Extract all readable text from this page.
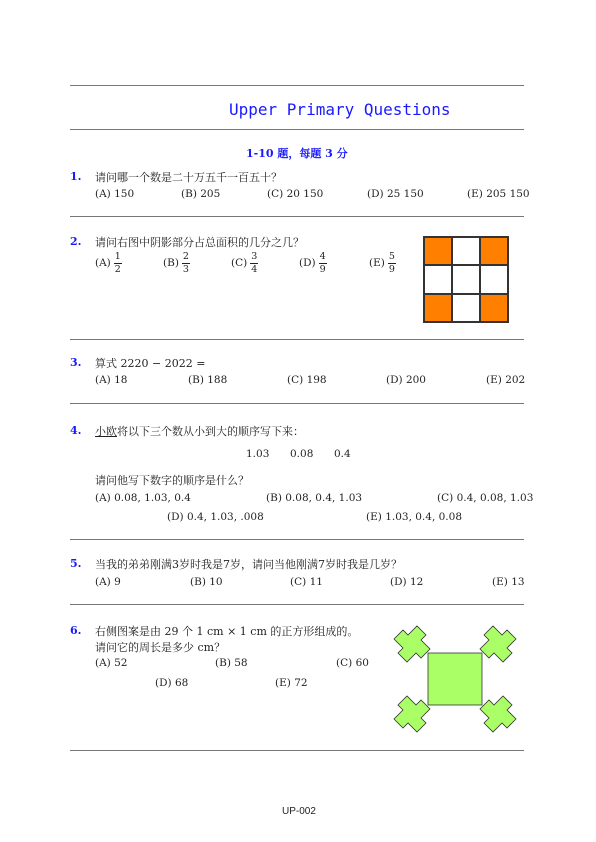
Upper Primary Questions
1-10 题，每题 3 分
1. 请问哪一个数是二十万五千一百五十？
(A) 150	(B) 205	(C) 20 150	(D) 25 150	(E) 205 150
2. 请问右图中阴影部分占总面积的几分之几？
$(A) \frac{1}{2}$	$(B) \frac{2}{3}$	$(C) \frac{3}{4}$	$(D) \frac{4}{9}$	$(E) \frac{5}{9}$
3. 算式 2220 − 2022 =
(A) 18	(B) 188	(C) 198	(D) 200	(E) 202
4. 小欧将以下三个数从小到大的顺序写下来：
1.03 0.08 0.4
请问他写下数字的顺序是什么？
(A) 0.08, 1.03, 0.4	(B) 0.08, 0.4, 1.03	(C) 0.4, 0.08, 1.03
(D) 0.4, 1.03, .008	(E) 1.03, 0.4, 0.08
5. 当我的弟弟刚满3岁时我是7岁，请问当他刚满7岁时我是几岁？
(A) 9	(B) 10	(C) 11	(D) 12	(E) 13
6. 右侧图案是由 29 个 1 cm × 1 cm 的正方形组成的。
请问它的周长是多少 cm？
(A) 52	(B) 58	(C) 60
(D) 68	(E) 72
UP-002
